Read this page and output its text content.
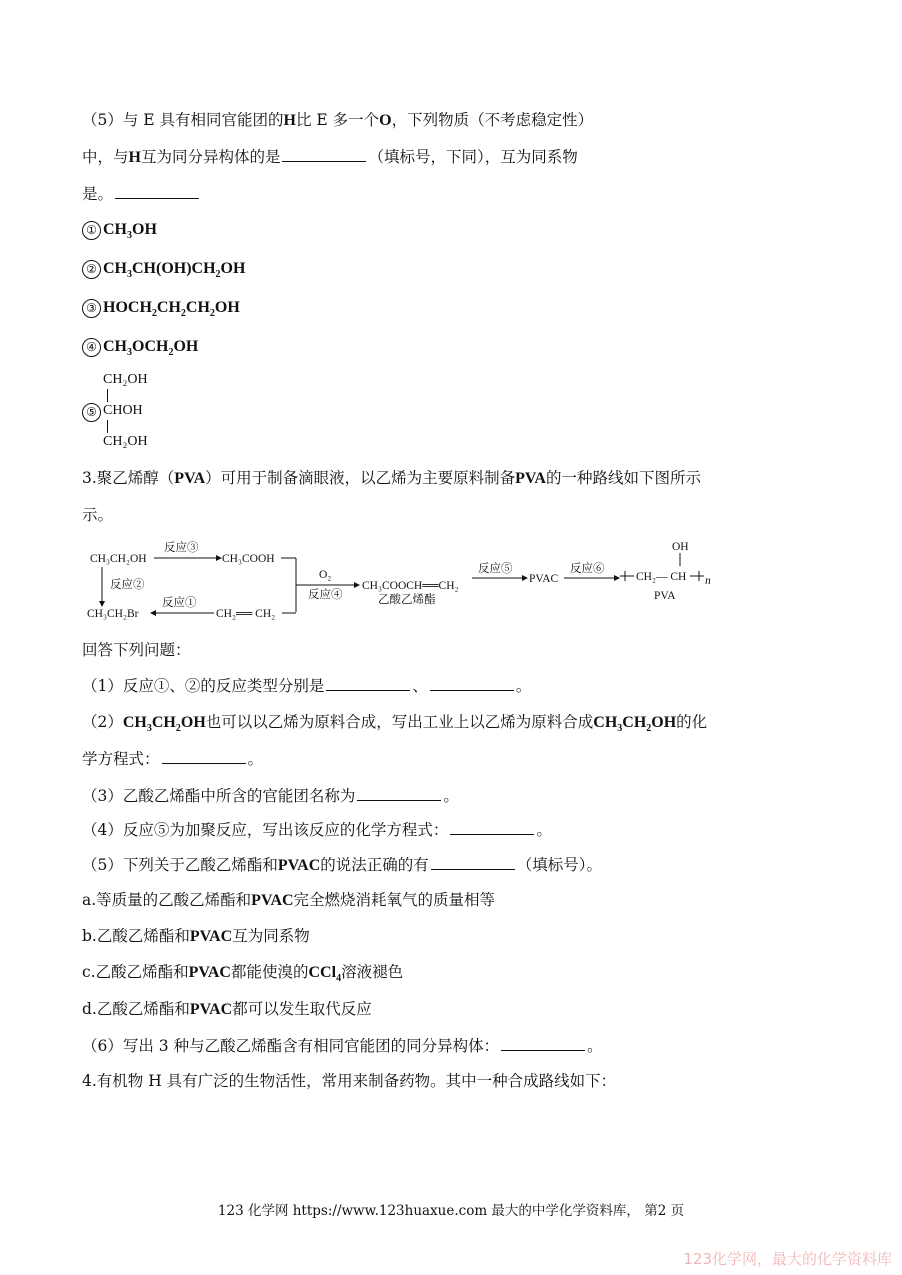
（5）与 E 具有相同官能团的H比 E 多一个O，下列物质（不考虑稳定性）
中，与H互为同分异构体的是	（填标号，下同），互为同系物
是。
① $CH_3OH$
② $CH_3CH(OH)CH_2OH$
③ $HOCH_2CH_2CH_2OH$
④ $CH_3OCH_2OH$
CH₂OH
⑤ CHOH
CH₂OH
3.聚乙烯醇（PVA）可用于制备滴眼液，以乙烯为主要原料制备PVA的一种路线如下图所示
示。
CH₃CH₂OH
反应③
CH₃COOH
反应②
CH₃CH₂Br
反应①
CH₂══ CH₂
O₂
反应④
CH₃COOCH══CH₂
乙酸乙烯酯
反应⑤
PVAC
反应⑥
OH
CH₂— CH n
PVA
回答下列问题：
（1）反应①、②的反应类型分别是	、	。
$(2)CH_3CH_2OH$也可以以乙烯为原料合成，写出工业上以乙烯为原料合成$CH_3CH_2OH$的化
学方程式：	。
（3）乙酸乙烯酯中所含的官能团名称为	。
（4）反应⑤为加聚反应，写出该反应的化学方程式：	。
（5）下列关于乙酸乙烯酯和PVAC的说法正确的有	（填标号）。
a.等质量的乙酸乙烯酯和PVAC完全燃烧消耗氧气的质量相等
b.乙酸乙烯酯和PVAC互为同系物
c.乙酸乙烯酯和PVAC都能使溴的CCl$_4$溶液褪色
d.乙酸乙烯酯和PVAC都可以发生取代反应
（6）写出 3 种与乙酸乙烯酯含有相同官能团的同分异构体：	。
4.有机物 H 具有广泛的生物活性，常用来制备药物。其中一种合成路线如下：
123 化学网 https://www.123huaxue.com 最大的中学化学资料库， 第2 页
123化学网，最大的化学资料库
